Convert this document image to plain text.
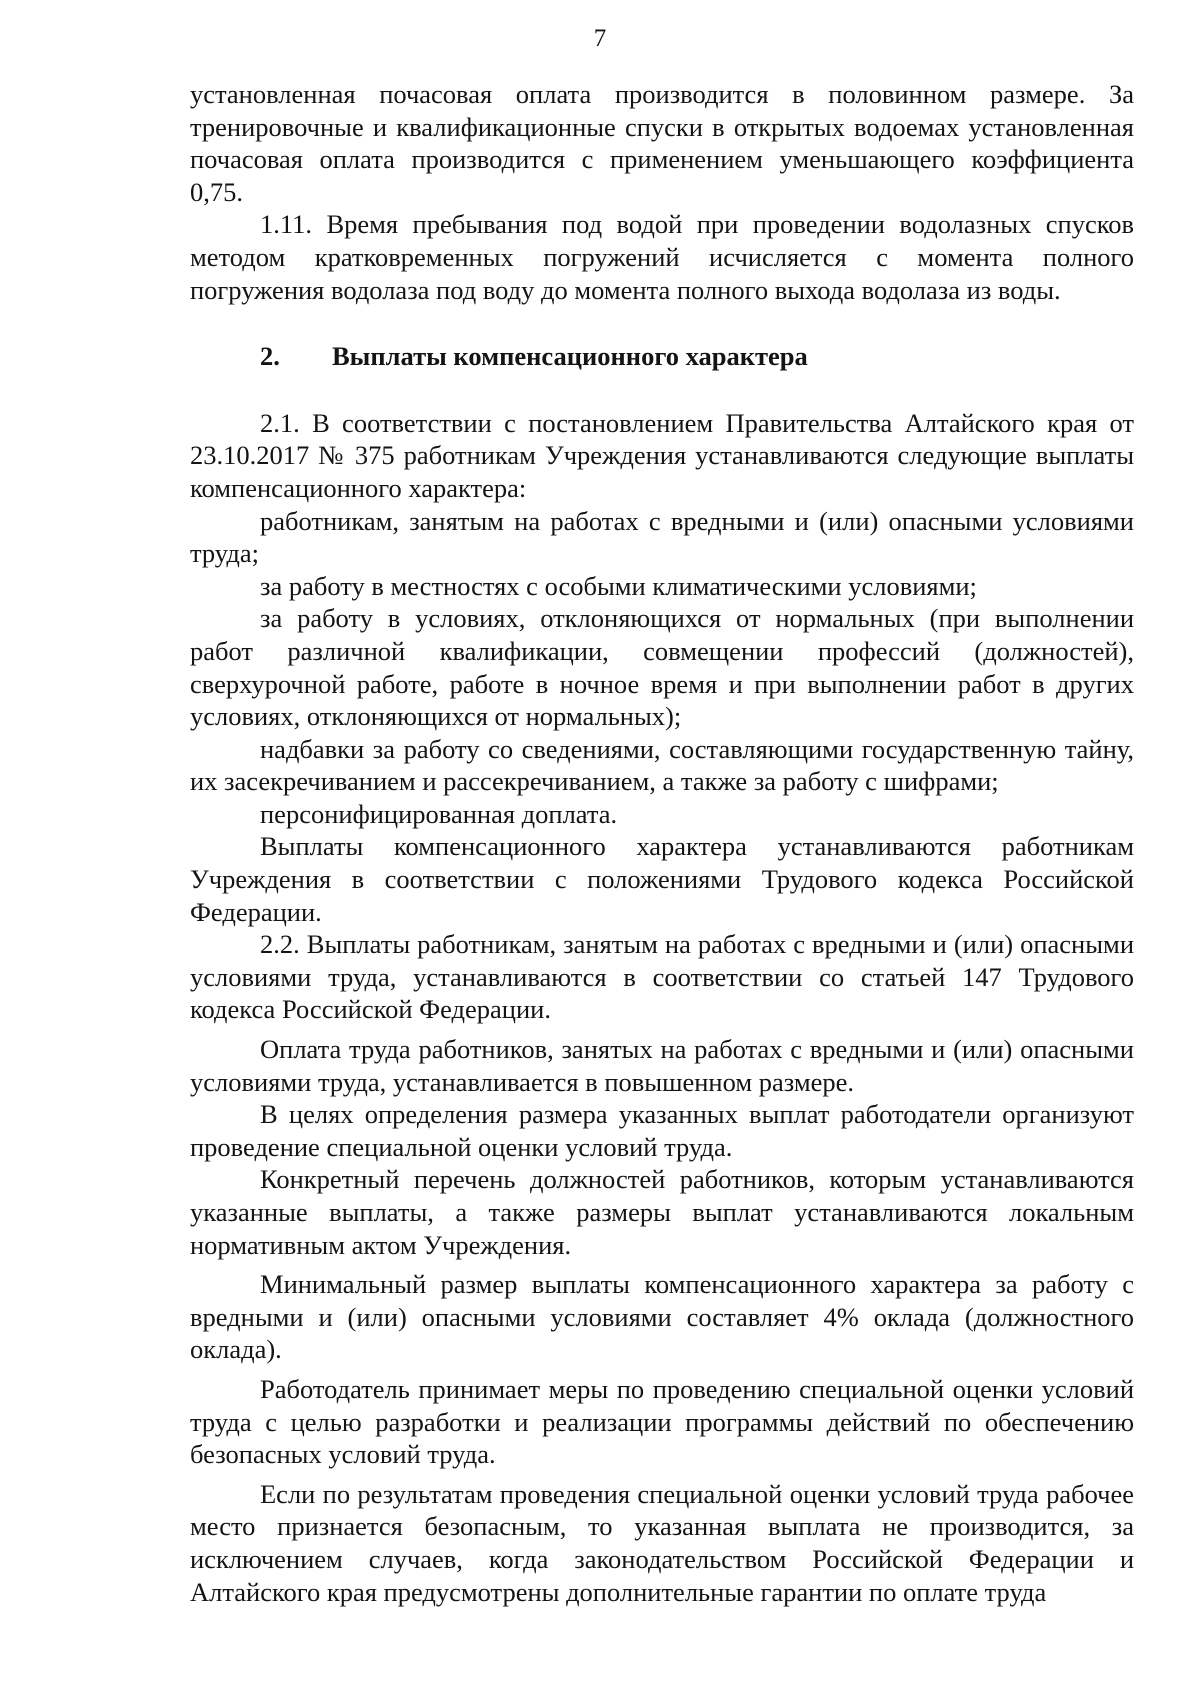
7

установленная почасовая оплата производится в половинном размере. За тренировочные и квалификационные спуски в открытых водоемах установленная почасовая оплата производится с применением уменьшающего коэффициента 0,75.

1.11. Время пребывания под водой при проведении водолазных спусков методом кратковременных погружений исчисляется с момента полного погружения водолаза под воду до момента полного выхода водолаза из воды.

2. Выплаты компенсационного характера

2.1. В соответствии с постановлением Правительства Алтайского края от 23.10.2017 № 375 работникам Учреждения устанавливаются следующие выплаты компенсационного характера:

работникам, занятым на работах с вредными и (или) опасными условиями труда;

за работу в местностях с особыми климатическими условиями;

за работу в условиях, отклоняющихся от нормальных (при выполнении работ различной квалификации, совмещении профессий (должностей), сверхурочной работе, работе в ночное время и при выполнении работ в других условиях, отклоняющихся от нормальных);

надбавки за работу со сведениями, составляющими государственную тайну, их засекречиванием и рассекречиванием, а также за работу с шифрами;

персонифицированная доплата.

Выплаты компенсационного характера устанавливаются работникам Учреждения в соответствии с положениями Трудового кодекса Российской Федерации.

2.2. Выплаты работникам, занятым на работах с вредными и (или) опасными условиями труда, устанавливаются в соответствии со статьей 147 Трудового кодекса Российской Федерации.

Оплата труда работников, занятых на работах с вредными и (или) опасными условиями труда, устанавливается в повышенном размере.

В целях определения размера указанных выплат работодатели организуют проведение специальной оценки условий труда.

Конкретный перечень должностей работников, которым устанавливаются указанные выплаты, а также размеры выплат устанавливаются локальным нормативным актом Учреждения.

Минимальный размер выплаты компенсационного характера за работу с вредными и (или) опасными условиями составляет 4% оклада (должностного оклада).

Работодатель принимает меры по проведению специальной оценки условий труда с целью разработки и реализации программы действий по обеспечению безопасных условий труда.

Если по результатам проведения специальной оценки условий труда рабочее место признается безопасным, то указанная выплата не производится, за исключением случаев, когда законодательством Российской Федерации и Алтайского края предусмотрены дополнительные гарантии по оплате труда
